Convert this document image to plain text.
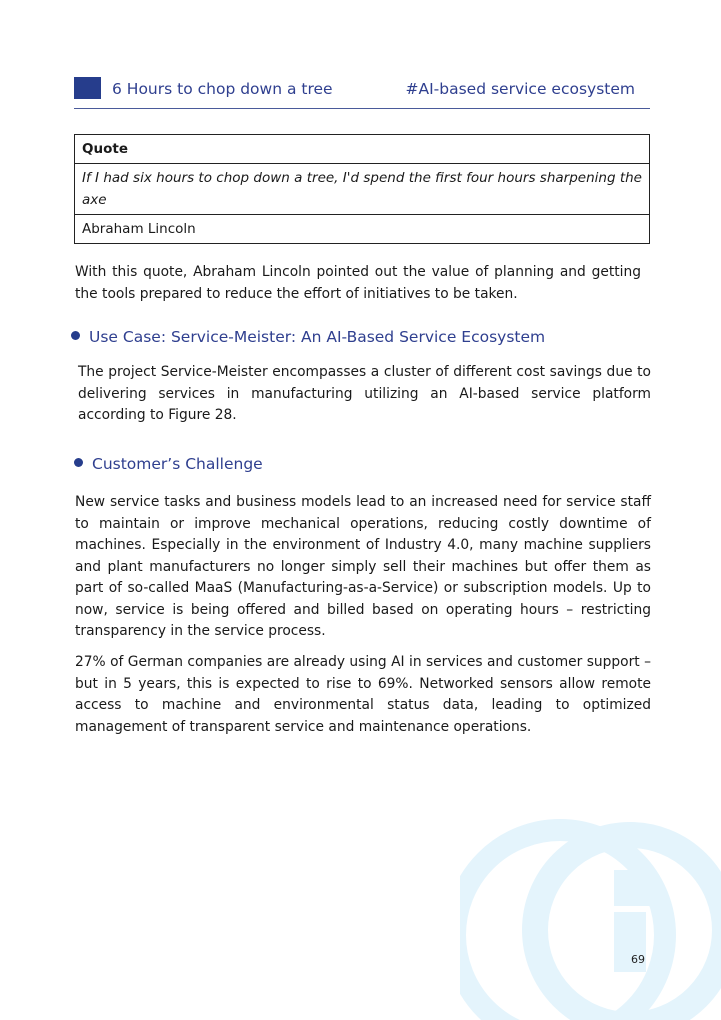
6 Hours to chop down a tree	#AI-based service ecosystem
Quote
If I had six hours to chop down a tree, I'd spend the first four hours sharpening the axe
Abraham Lincoln

With this quote, Abraham Lincoln pointed out the value of planning and getting the tools prepared to reduce the effort of initiatives to be taken.

Use Case: Service-Meister: An AI-Based Service Ecosystem

The project Service-Meister encompasses a cluster of different cost savings due to delivering services in manufacturing utilizing an AI-based service platform according to Figure 28.

Customer’s Challenge

New service tasks and business models lead to an increased need for service staff to maintain or improve mechanical operations, reducing costly downtime of machines. Especially in the environment of Industry 4.0, many machine suppliers and plant manufacturers no longer simply sell their machines but offer them as part of so-called MaaS (Manufacturing-as-a-Service) or subscription models. Up to now, service is being offered and billed based on operating hours – restricting transparency in the service process.

27% of German companies are already using AI in services and customer support – but in 5 years, this is expected to rise to 69%. Networked sensors allow remote access to machine and environmental status data, leading to optimized management of transparent service and maintenance operations.

69
